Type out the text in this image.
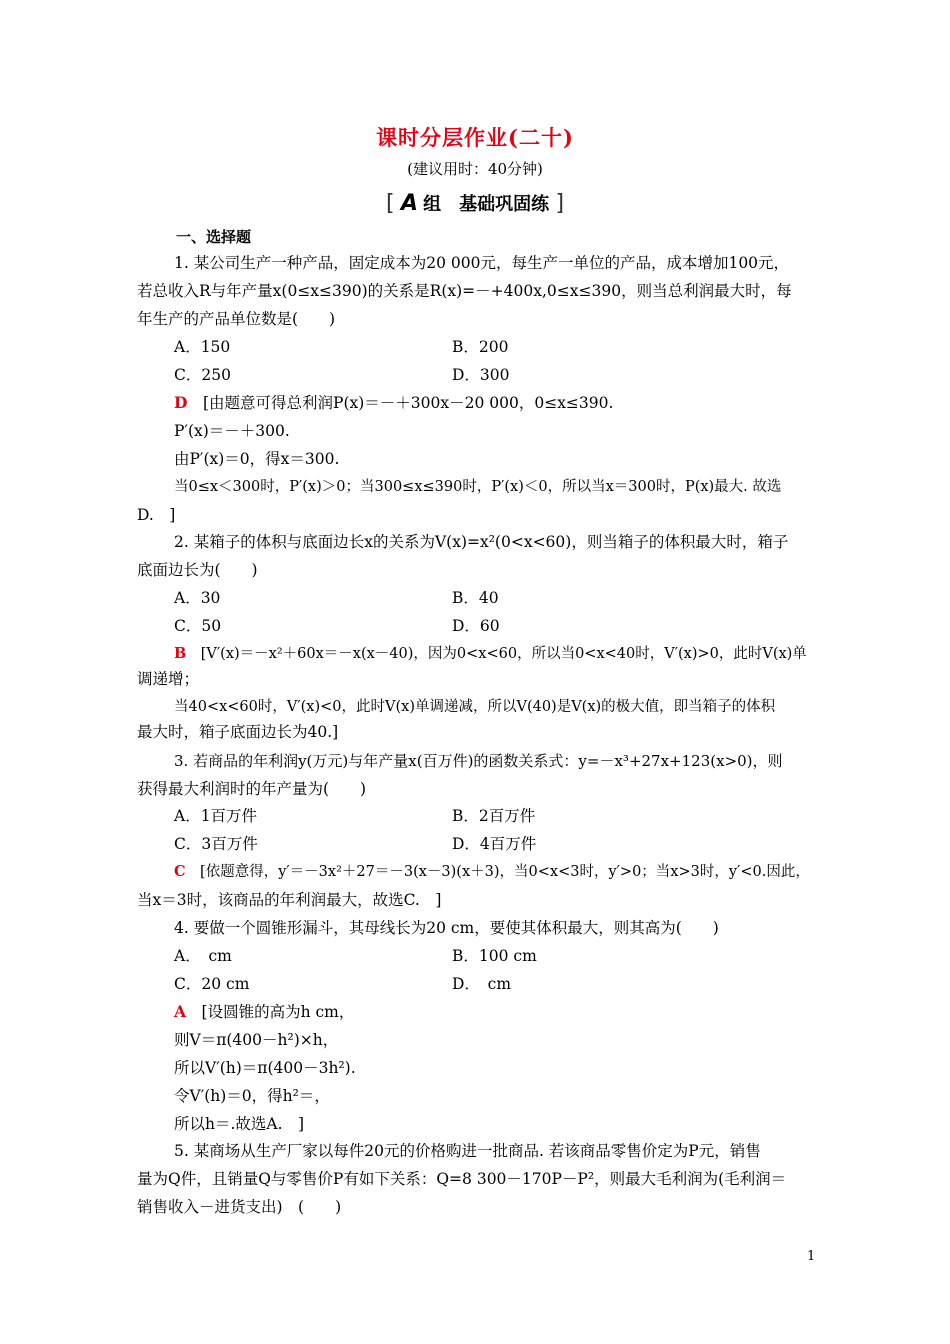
课时分层作业(二十)
(建议用时：40分钟)
[ A 组　基础巩固练 ]
一、选择题
1. 某公司生产一种产品，固定成本为20 000元，每生产一单位的产品，成本增加100元，
若总收入R与年产量x(0≤x≤390)的关系是R(x)=－+400x,0≤x≤390，则当总利润最大时，每
年生产的产品单位数是(　　)
A．150	B．200
C．250	D．300
D　 [由题意可得总利润P(x)＝－＋300x－20 000，0≤x≤390.
P′(x)＝－＋300.
由P′(x)＝0，得x＝300.
当0≤x＜300时，P′(x)＞0；当300≤x≤390时，P′(x)＜0，所以当x＝300时，P(x)最大. 故选
D.　]
2. 某箱子的体积与底面边长x的关系为V(x)=x²(0<x<60)，则当箱子的体积最大时，箱子
底面边长为(　　)
A．30	B．40
C．50	D．60
B　 [V′(x)＝－x²＋60x＝－x(x－40)，因为0<x<60，所以当0<x<40时，V′(x)>0，此时V(x)单
调递增；
当40<x<60时，V′(x)<0，此时V(x)单调递减，所以V(40)是V(x)的极大值，即当箱子的体积
最大时，箱子底面边长为40.]
3. 若商品的年利润y(万元)与年产量x(百万件)的函数关系式：y=－x³+27x+123(x>0)，则
获得最大利润时的年产量为(　　)
A．1百万件	B．2百万件
C．3百万件	D．4百万件
C　 [依题意得，y′＝－3x²＋27＝－3(x－3)(x＋3)，当0<x<3时，y′>0；当x>3时，y′<0.因此，
当x＝3时，该商品的年利润最大，故选C.　]
4. 要做一个圆锥形漏斗，其母线长为20 cm，要使其体积最大，则其高为(　　)
A．　cm	B．100 cm
C．20 cm	D．　cm
A　 [设圆锥的高为h cm，
则V＝π(400－h²)×h，
所以V′(h)＝π(400－3h²).
令V′(h)＝0，得h²＝，
所以h＝.故选A.　]
5. 某商场从生产厂家以每件20元的价格购进一批商品. 若该商品零售价定为P元，销售
量为Q件，且销量Q与零售价P有如下关系：Q=8 300－170P－P²，则最大毛利润为(毛利润＝
销售收入－进货支出)　(　　)
1
